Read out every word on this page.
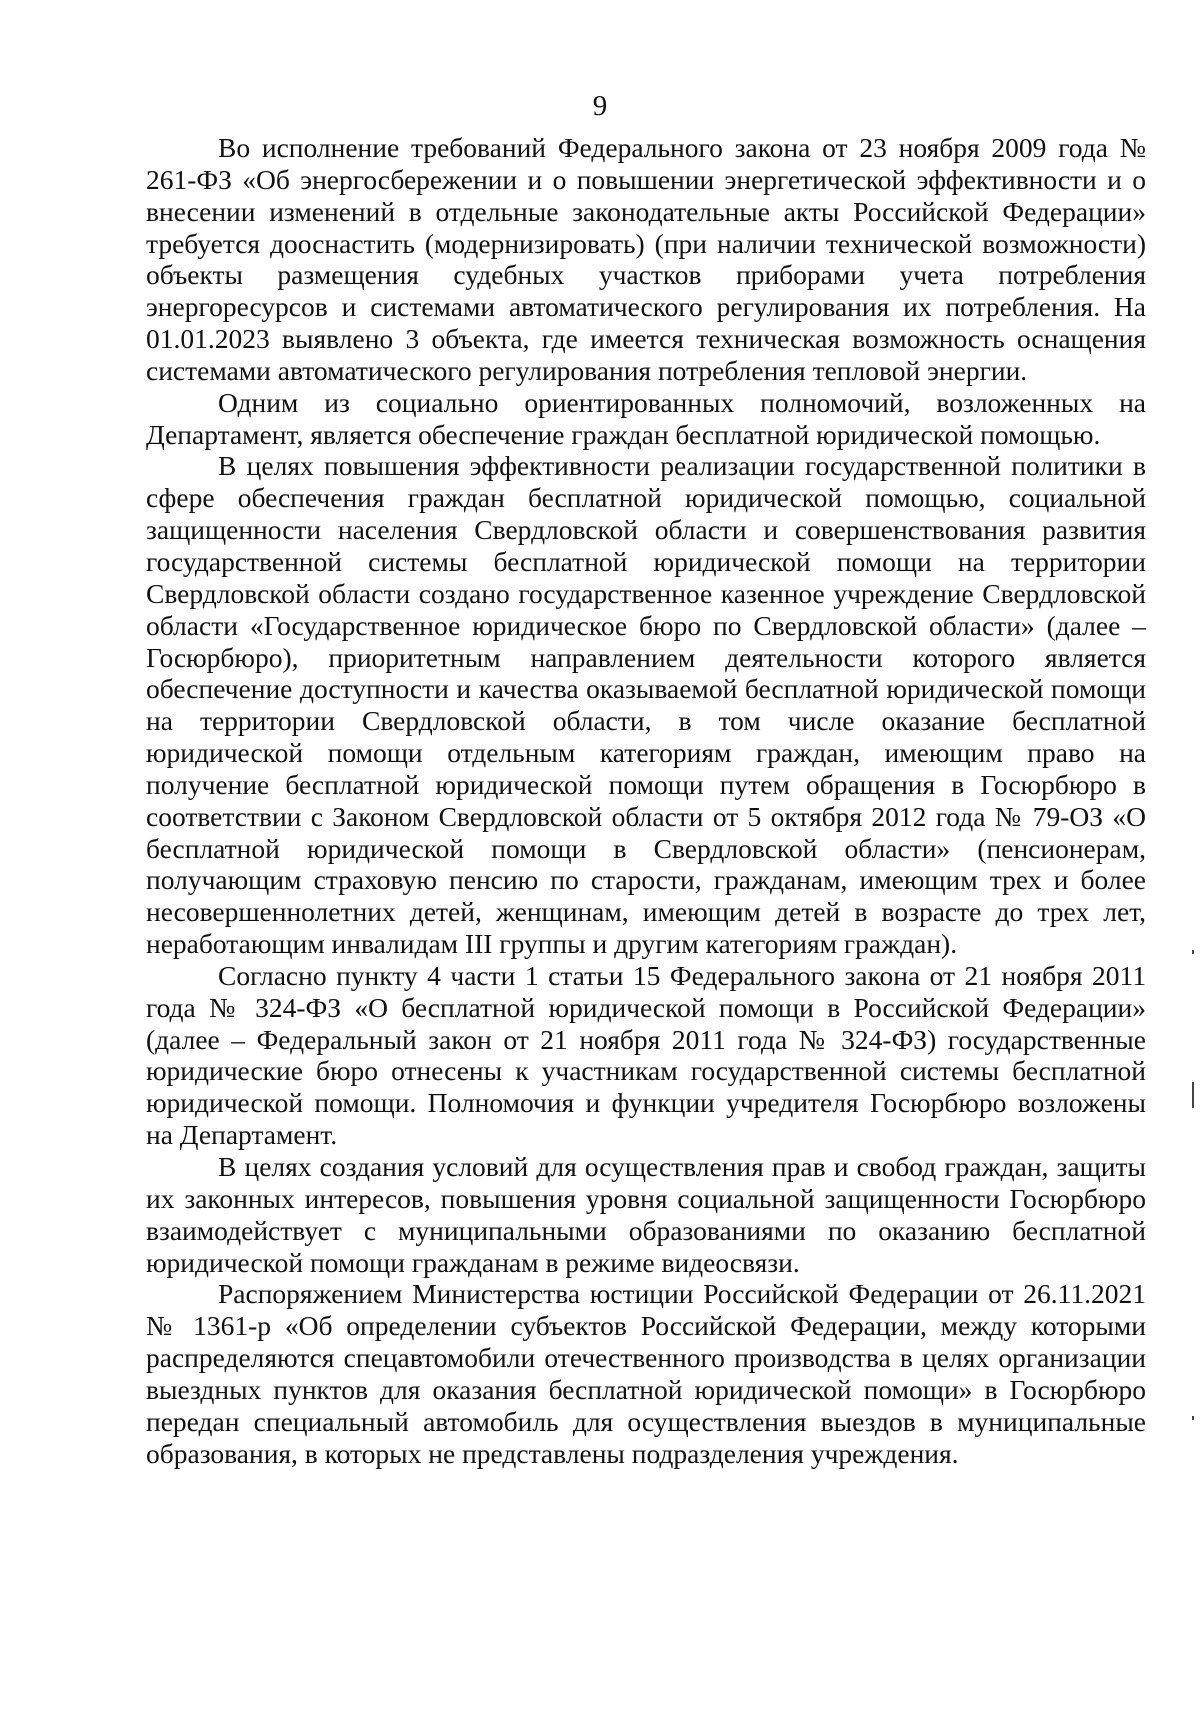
9

Во исполнение требований Федерального закона от 23 ноября 2009 года № 261-ФЗ «Об энергосбережении и о повышении энергетической эффективности и о внесении изменений в отдельные законодательные акты Российской Федерации» требуется дооснастить (модернизировать) (при наличии технической возможности) объекты размещения судебных участков приборами учета потребления энергоресурсов и системами автоматического регулирования их потребления. На 01.01.2023 выявлено 3 объекта, где имеется техническая возможность оснащения системами автоматического регулирования потребления тепловой энергии.

Одним из социально ориентированных полномочий, возложенных на Департамент, является обеспечение граждан бесплатной юридической помощью.

В целях повышения эффективности реализации государственной политики в сфере обеспечения граждан бесплатной юридической помощью, социальной защищенности населения Свердловской области и совершенствования развития государственной системы бесплатной юридической помощи на территории Свердловской области создано государственное казенное учреждение Свердловской области «Государственное юридическое бюро по Свердловской области» (далее – Госюрбюро), приоритетным направлением деятельности которого является обеспечение доступности и качества оказываемой бесплатной юридической помощи на территории Свердловской области, в том числе оказание бесплатной юридической помощи отдельным категориям граждан, имеющим право на получение бесплатной юридической помощи путем обращения в Госюрбюро в соответствии с Законом Свердловской области от 5 октября 2012 года № 79-ОЗ «О бесплатной юридической помощи в Свердловской области» (пенсионерам, получающим страховую пенсию по старости, гражданам, имеющим трех и более несовершеннолетних детей, женщинам, имеющим детей в возрасте до трех лет, неработающим инвалидам III группы и другим категориям граждан).

Согласно пункту 4 части 1 статьи 15 Федерального закона от 21 ноября 2011 года № 324-ФЗ «О бесплатной юридической помощи в Российской Федерации» (далее – Федеральный закон от 21 ноября 2011 года № 324-ФЗ) государственные юридические бюро отнесены к участникам государственной системы бесплатной юридической помощи. Полномочия и функции учредителя Госюрбюро возложены на Департамент.

В целях создания условий для осуществления прав и свобод граждан, защиты их законных интересов, повышения уровня социальной защищенности Госюрбюро взаимодействует с муниципальными образованиями по оказанию бесплатной юридической помощи гражданам в режиме видеосвязи.

Распоряжением Министерства юстиции Российской Федерации от 26.11.2021 № 1361-р «Об определении субъектов Российской Федерации, между которыми распределяются спецавтомобили отечественного производства в целях организации выездных пунктов для оказания бесплатной юридической помощи» в Госюрбюро передан специальный автомобиль для осуществления выездов в муниципальные образования, в которых не представлены подразделения учреждения.
